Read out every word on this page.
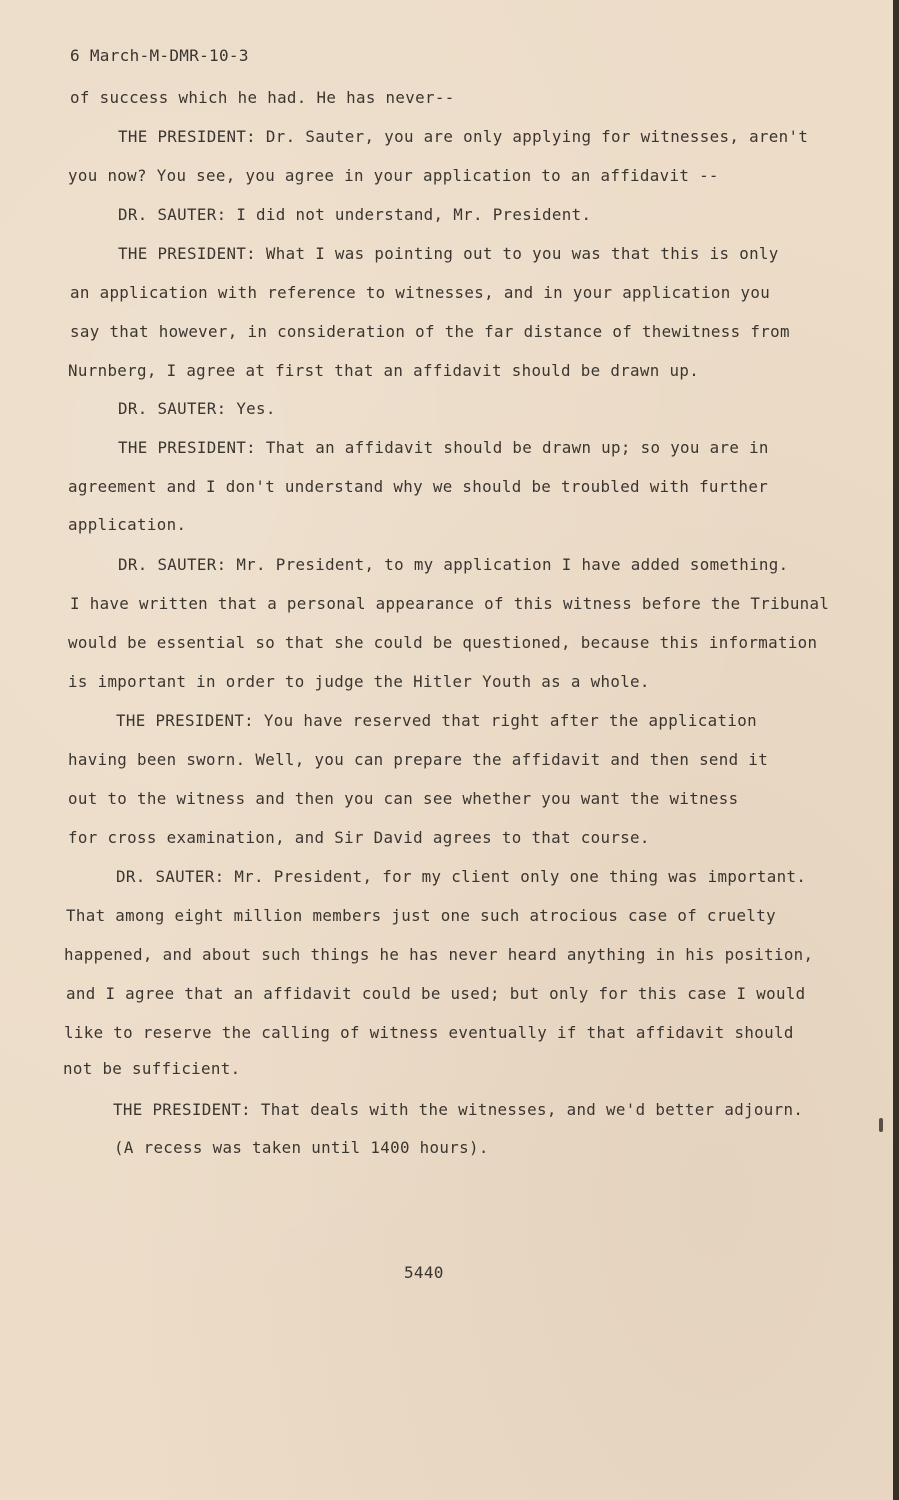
6 March-M-DMR-10-3
of success which he had. He has never--
THE PRESIDENT: Dr. Sauter, you are only applying for witnesses, aren't
you now? You see, you agree in your application to an affidavit --
DR. SAUTER: I did not understand, Mr. President.
THE PRESIDENT: What I was pointing out to you was that this is only
an application with reference to witnesses, and in your application you
say that however, in consideration of the far distance of thewitness from
Nurnberg, I agree at first that an affidavit should be drawn up.
DR. SAUTER: Yes.
THE PRESIDENT: That an affidavit should be drawn up; so you are in
agreement and I don't understand why we should be troubled with further
application.
DR. SAUTER: Mr. President, to my application I have added something.
I have written that a personal appearance of this witness before the Tribunal
would be essential so that she could be questioned, because this information
is important in order to judge the Hitler Youth as a whole.
THE PRESIDENT: You have reserved that right after the application
having been sworn. Well, you can prepare the affidavit and then send it
out to the witness and then you can see whether you want the witness
for cross examination, and Sir David agrees to that course.
DR. SAUTER: Mr. President, for my client only one thing was important.
That among eight million members just one such atrocious case of cruelty
happened, and about such things he has never heard anything in his position,
and I agree that an affidavit could be used; but only for this case I would
like to reserve the calling of witness eventually if that affidavit should
not be sufficient.
THE PRESIDENT: That deals with the witnesses, and we'd better adjourn.
(A recess was taken until 1400 hours).
5440
